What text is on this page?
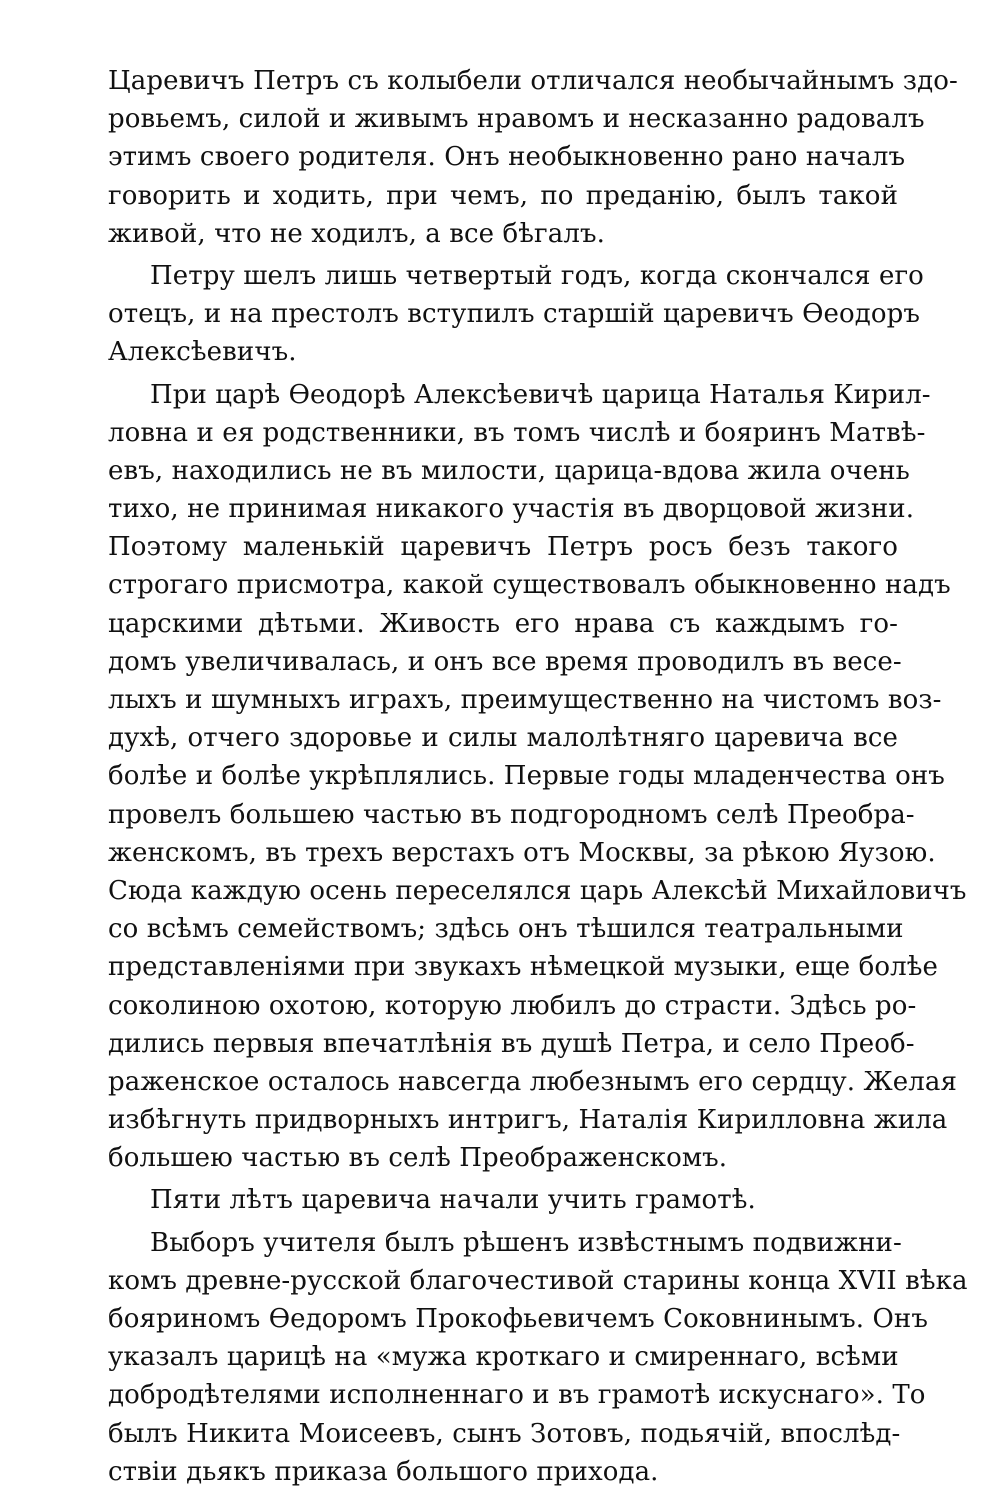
Царевичъ Петръ съ колыбели отличался необычайнымъ здо-
ровьемъ, силой и живымъ нравомъ и несказанно радовалъ
этимъ своего родителя. Онъ необыкновенно рано началъ
говорить и ходить, при чемъ, по преданію, былъ такой
живой, что не ходилъ, а все бѣгалъ.
Петру шелъ лишь четвертый годъ, когда скончался его
отецъ, и на престолъ вступилъ старшій царевичъ Ѳеодоръ
Алексѣевичъ.
При царѣ Ѳеодорѣ Алексѣевичѣ царица Наталья Кирил-
ловна и ея родственники, въ томъ числѣ и бояринъ Матвѣ-
евъ, находились не въ милости, царица-вдова жила очень
тихо, не принимая никакого участія въ дворцовой жизни.
Поэтому маленькій царевичъ Петръ росъ безъ такого
строгаго присмотра, какой существовалъ обыкновенно надъ
царскими дѣтьми. Живость его нрава съ каждымъ го-
домъ увеличивалась, и онъ все время проводилъ въ весе-
лыхъ и шумныхъ играхъ, преимущественно на чистомъ воз-
духѣ, отчего здоровье и силы малолѣтняго царевича все
болѣе и болѣе укрѣплялись. Первые годы младенчества онъ
провелъ большею частью въ подгородномъ селѣ Преобра-
женскомъ, въ трехъ верстахъ отъ Москвы, за рѣкою Яузою.
Сюда каждую осень переселялся царь Алексѣй Михайловичъ
со всѣмъ семействомъ; здѣсь онъ тѣшился театральными
представленіями при звукахъ нѣмецкой музыки, еще болѣе
соколиною охотою, которую любилъ до страсти. Здѣсь ро-
дились первыя впечатлѣнія въ душѣ Петра, и село Преоб-
раженское осталось навсегда любезнымъ его сердцу. Желая
избѣгнуть придворныхъ интригъ, Наталія Кирилловна жила
большею частью въ селѣ Преображенскомъ.
Пяти лѣтъ царевича начали учить грамотѣ.
Выборъ учителя былъ рѣшенъ извѣстнымъ подвижни-
комъ древне-русской благочестивой старины конца XVII вѣка
бояриномъ Ѳедоромъ Прокофьевичемъ Соковнинымъ. Онъ
указалъ царицѣ на «мужа кроткаго и смиреннаго, всѣми
добродѣтелями исполненнаго и въ грамотѣ искуснаго». То
былъ Никита Моисеевъ, сынъ Зотовъ, подьячій, впослѣд-
ствіи дьякъ приказа большого прихода.
